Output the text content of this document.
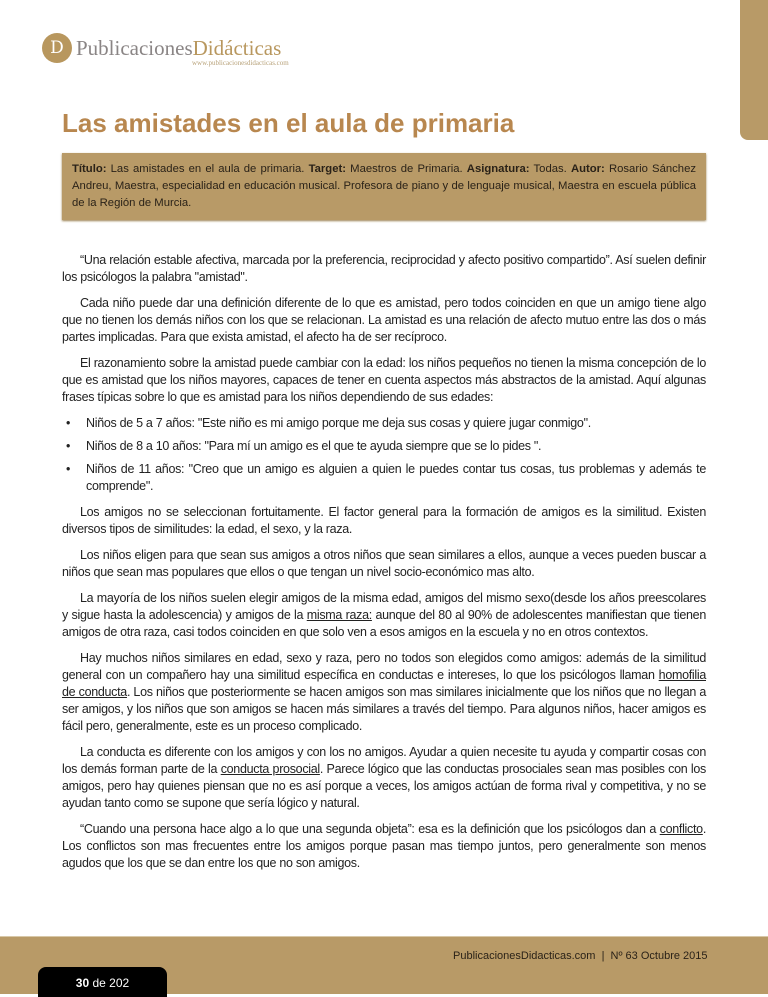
D PublicacionesDidácticas
www.publicacionesdidacticas.com
Las amistades en el aula de primaria
Título: Las amistades en el aula de primaria. Target: Maestros de Primaria. Asignatura: Todas. Autor: Rosario Sánchez Andreu, Maestra, especialidad en educación musical. Profesora de piano y de lenguaje musical, Maestra en escuela pública de la Región de Murcia.

“Una relación estable afectiva, marcada por la preferencia, reciprocidad y afecto positivo compartido”. Así suelen definir los psicólogos la palabra "amistad".

Cada niño puede dar una definición diferente de lo que es amistad, pero todos coinciden en que un amigo tiene algo que no tienen los demás niños con los que se relacionan. La amistad es una relación de afecto mutuo entre las dos o más partes implicadas. Para que exista amistad, el afecto ha de ser recíproco.

El razonamiento sobre la amistad puede cambiar con la edad: los niños pequeños no tienen la misma concepción de lo que es amistad que los niños mayores, capaces de tener en cuenta aspectos más abstractos de la amistad. Aquí algunas frases típicas sobre lo que es amistad para los niños dependiendo de sus edades:

• Niños de 5 a 7 años: "Este niño es mi amigo porque me deja sus cosas y quiere jugar conmigo".
• Niños de 8 a 10 años: "Para mí un amigo es el que te ayuda siempre que se lo pides ".
• Niños de 11 años: "Creo que un amigo es alguien a quien le puedes contar tus cosas, tus problemas y además te comprende".

Los amigos no se seleccionan fortuitamente. El factor general para la formación de amigos es la similitud. Existen diversos tipos de similitudes: la edad, el sexo, y la raza.

Los niños eligen para que sean sus amigos a otros niños que sean similares a ellos, aunque a veces pueden buscar a niños que sean mas populares que ellos o que tengan un nivel socio-económico mas alto.

La mayoría de los niños suelen elegir amigos de la misma edad, amigos del mismo sexo(desde los años preescolares y sigue hasta la adolescencia) y amigos de la misma raza: aunque del 80 al 90% de adolescentes manifiestan que tienen amigos de otra raza, casi todos coinciden en que solo ven a esos amigos en la escuela y no en otros contextos.

Hay muchos niños similares en edad, sexo y raza, pero no todos son elegidos como amigos: además de la similitud general con un compañero hay una similitud específica en conductas e intereses, lo que los psicólogos llaman homofilia de conducta. Los niños que posteriormente se hacen amigos son mas similares inicialmente que los niños que no llegan a ser amigos, y los niños que son amigos se hacen más similares a través del tiempo. Para algunos niños, hacer amigos es fácil pero, generalmente, este es un proceso complicado.

La conducta es diferente con los amigos y con los no amigos. Ayudar a quien necesite tu ayuda y compartir cosas con los demás forman parte de la conducta prosocial. Parece lógico que las conductas prosociales sean mas posibles con los amigos, pero hay quienes piensan que no es así porque a veces, los amigos actúan de forma rival y competitiva, y no se ayudan tanto como se supone que sería lógico y natural.

“Cuando una persona hace algo a lo que una segunda objeta”: esa es la definición que los psicólogos dan a conflicto. Los conflictos son mas frecuentes entre los amigos porque pasan mas tiempo juntos, pero generalmente son menos agudos que los que se dan entre los que no son amigos.

PublicacionesDidacticas.com  |  Nº 63 Octubre 2015
30 de 202
